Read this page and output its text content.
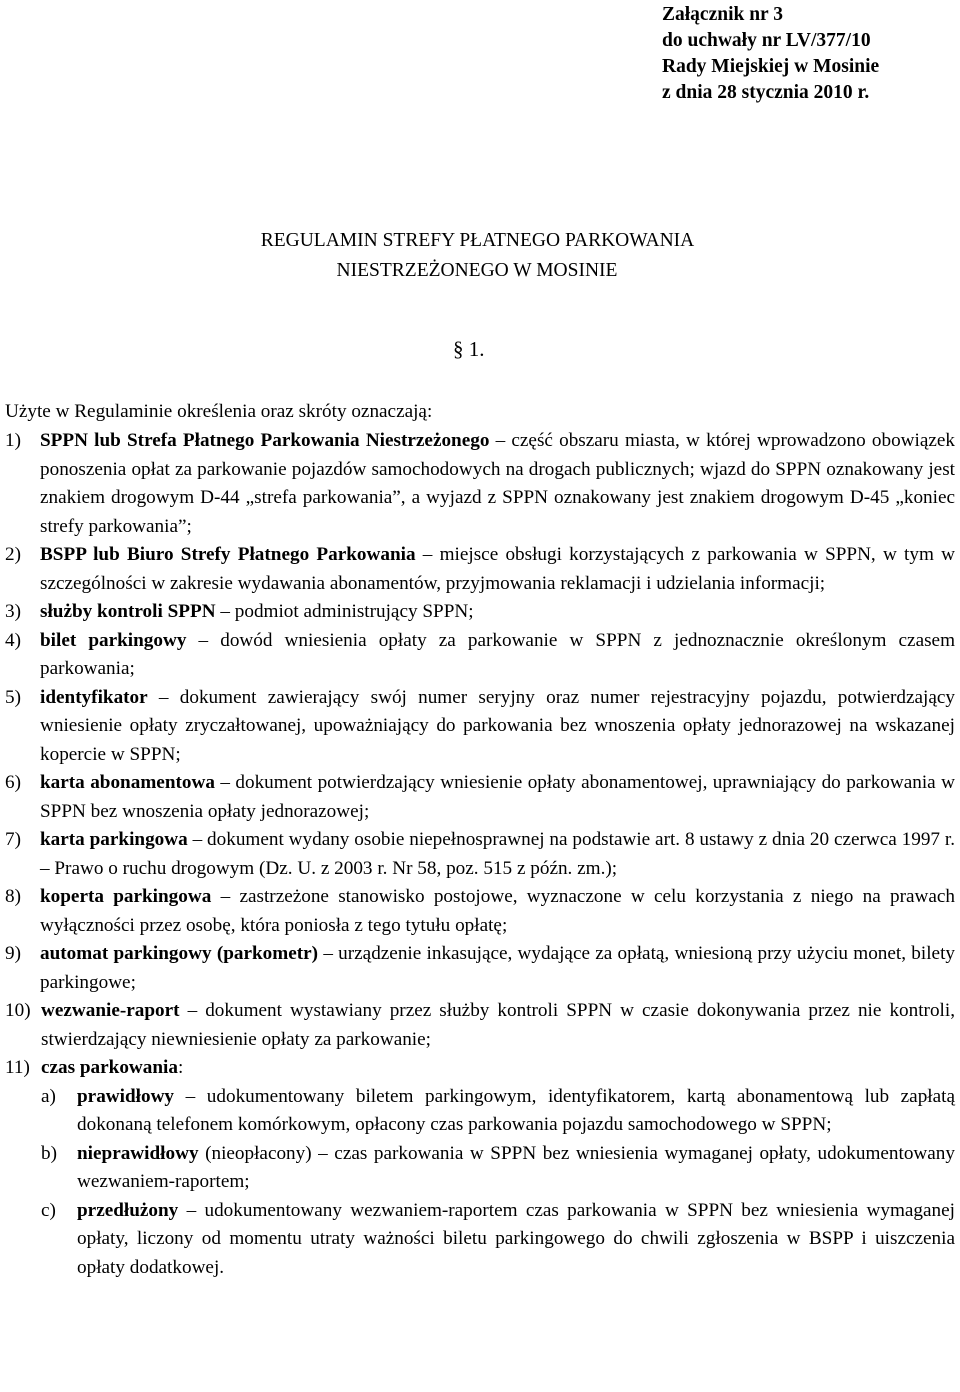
Załącznik nr 3
do uchwały nr LV/377/10
Rady Miejskiej w Mosinie
z dnia 28 stycznia 2010 r.
REGULAMIN STREFY PŁATNEGO PARKOWANIA
NIESTRZEŻONEGO W MOSINIE
§ 1.
Użyte w Regulaminie określenia oraz skróty oznaczają:
1) SPPN lub Strefa Płatnego Parkowania Niestrzeżonego – część obszaru miasta, w której wprowadzono obowiązek ponoszenia opłat za parkowanie pojazdów samochodowych na drogach publicznych; wjazd do SPPN oznakowany jest znakiem drogowym D-44 „strefa parkowania”, a wyjazd z SPPN oznakowany jest znakiem drogowym D-45 „koniec strefy parkowania”;
2) BSPP lub Biuro Strefy Płatnego Parkowania – miejsce obsługi korzystających z parkowania w SPPN, w tym w szczególności w zakresie wydawania abonamentów, przyjmowania reklamacji i udzielania informacji;
3) służby kontroli SPPN – podmiot administrujący SPPN;
4) bilet parkingowy – dowód wniesienia opłaty za parkowanie w SPPN z jednoznacznie określonym czasem parkowania;
5) identyfikator – dokument zawierający swój numer seryjny oraz numer rejestracyjny pojazdu, potwierdzający wniesienie opłaty zryczałtowanej, upoważniający do parkowania bez wnoszenia opłaty jednorazowej na wskazanej kopercie w SPPN;
6) karta abonamentowa – dokument potwierdzający wniesienie opłaty abonamentowej, uprawniający do parkowania w SPPN bez wnoszenia opłaty jednorazowej;
7) karta parkingowa – dokument wydany osobie niepełnosprawnej na podstawie art. 8 ustawy z dnia 20 czerwca 1997 r. – Prawo o ruchu drogowym (Dz. U. z 2003 r. Nr 58, poz. 515 z późn. zm.);
8) koperta parkingowa – zastrzeżone stanowisko postojowe, wyznaczone w celu korzystania z niego na prawach wyłączności przez osobę, która poniosła z tego tytułu opłatę;
9) automat parkingowy (parkometr) – urządzenie inkasujące, wydające za opłatą, wniesioną przy użyciu monet, bilety parkingowe;
10) wezwanie-raport – dokument wystawiany przez służby kontroli SPPN w czasie dokonywania przez nie kontroli, stwierdzający niewniesienie opłaty za parkowanie;
11) czas parkowania:
a) prawidłowy – udokumentowany biletem parkingowym, identyfikatorem, kartą abonamentową lub zapłatą dokonaną telefonem komórkowym, opłacony czas parkowania pojazdu samochodowego w SPPN;
b) nieprawidłowy (nieopłacony) – czas parkowania w SPPN bez wniesienia wymaganej opłaty, udokumentowany wezwaniem-raportem;
c) przedłużony – udokumentowany wezwaniem-raportem czas parkowania w SPPN bez wniesienia wymaganej opłaty, liczony od momentu utraty ważności biletu parkingowego do chwili zgłoszenia w BSPP i uiszczenia opłaty dodatkowej.
